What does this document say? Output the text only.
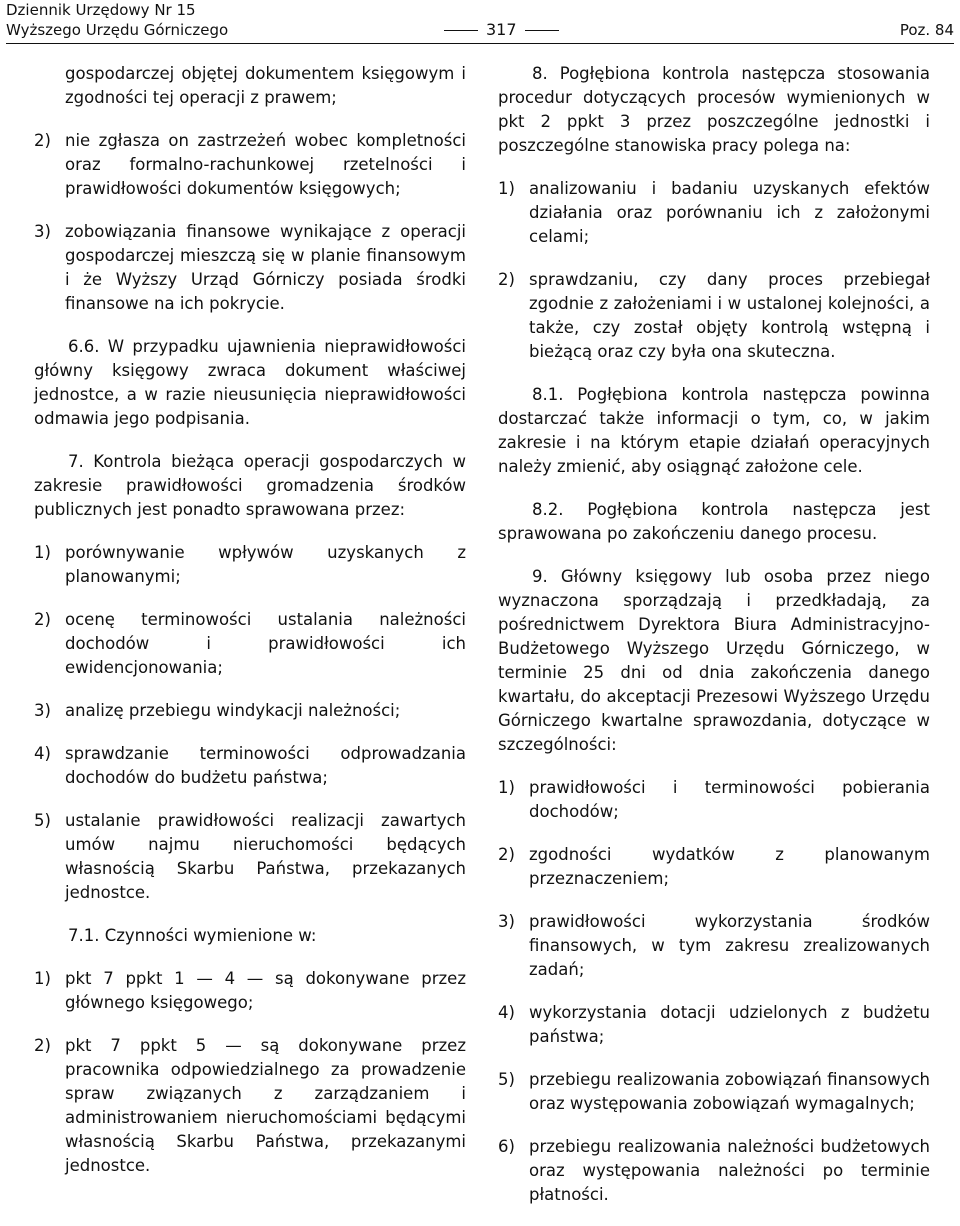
Dziennik Urzędowy Nr 15
Wyższego Urzędu Górniczego	317	Poz. 84
gospodarczej objętej dokumentem księgowym i zgodności tej operacji z prawem;
2) nie zgłasza on zastrzeżeń wobec kompletności oraz formalno-rachunkowej rzetelności i prawidłowości dokumentów księgowych;
3) zobowiązania finansowe wynikające z operacji gospodarczej mieszczą się w planie finansowym i że Wyższy Urząd Górniczy posiada środki finansowe na ich pokrycie.

6.6. W przypadku ujawnienia nieprawidłowości główny księgowy zwraca dokument właściwej jednostce, a w razie nieusunięcia nieprawidłowości odmawia jego podpisania.

7. Kontrola bieżąca operacji gospodarczych w zakresie prawidłowości gromadzenia środków publicznych jest ponadto sprawowana przez:

1) porównywanie wpływów uzyskanych z planowanymi;
2) ocenę terminowości ustalania należności dochodów i prawidłowości ich ewidencjonowania;
3) analizę przebiegu windykacji należności;
4) sprawdzanie terminowości odprowadzania dochodów do budżetu państwa;
5) ustalanie prawidłowości realizacji zawartych umów najmu nieruchomości będących własnością Skarbu Państwa, przekazanych jednostce.

7.1. Czynności wymienione w:

1) pkt 7 ppkt 1 — 4 — są dokonywane przez głównego księgowego;
2) pkt 7 ppkt 5 — są dokonywane przez pracownika odpowiedzialnego za prowadzenie spraw związanych z zarządzaniem i administrowaniem nieruchomościami będącymi własnością Skarbu Państwa, przekazanymi jednostce.

8. Pogłębiona kontrola następcza stosowania procedur dotyczących procesów wymienionych w pkt 2 ppkt 3 przez poszczególne jednostki i poszczególne stanowiska pracy polega na:

1) analizowaniu i badaniu uzyskanych efektów działania oraz porównaniu ich z założonymi celami;
2) sprawdzaniu, czy dany proces przebiegał zgodnie z założeniami i w ustalonej kolejności, a także, czy został objęty kontrolą wstępną i bieżącą oraz czy była ona skuteczna.

8.1. Pogłębiona kontrola następcza powinna dostarczać także informacji o tym, co, w jakim zakresie i na którym etapie działań operacyjnych należy zmienić, aby osiągnąć założone cele.

8.2. Pogłębiona kontrola następcza jest sprawowana po zakończeniu danego procesu.

9. Główny księgowy lub osoba przez niego wyznaczona sporządzają i przedkładają, za pośrednictwem Dyrektora Biura Administracyjno-Budżetowego Wyższego Urzędu Górniczego, w terminie 25 dni od dnia zakończenia danego kwartału, do akceptacji Prezesowi Wyższego Urzędu Górniczego kwartalne sprawozdania, dotyczące w szczególności:

1) prawidłowości i terminowości pobierania dochodów;
2) zgodności wydatków z planowanym przeznaczeniem;
3) prawidłowości wykorzystania środków finansowych, w tym zakresu zrealizowanych zadań;
4) wykorzystania dotacji udzielonych z budżetu państwa;
5) przebiegu realizowania zobowiązań finansowych oraz występowania zobowiązań wymagalnych;
6) przebiegu realizowania należności budżetowych oraz występowania należności po terminie płatności.
